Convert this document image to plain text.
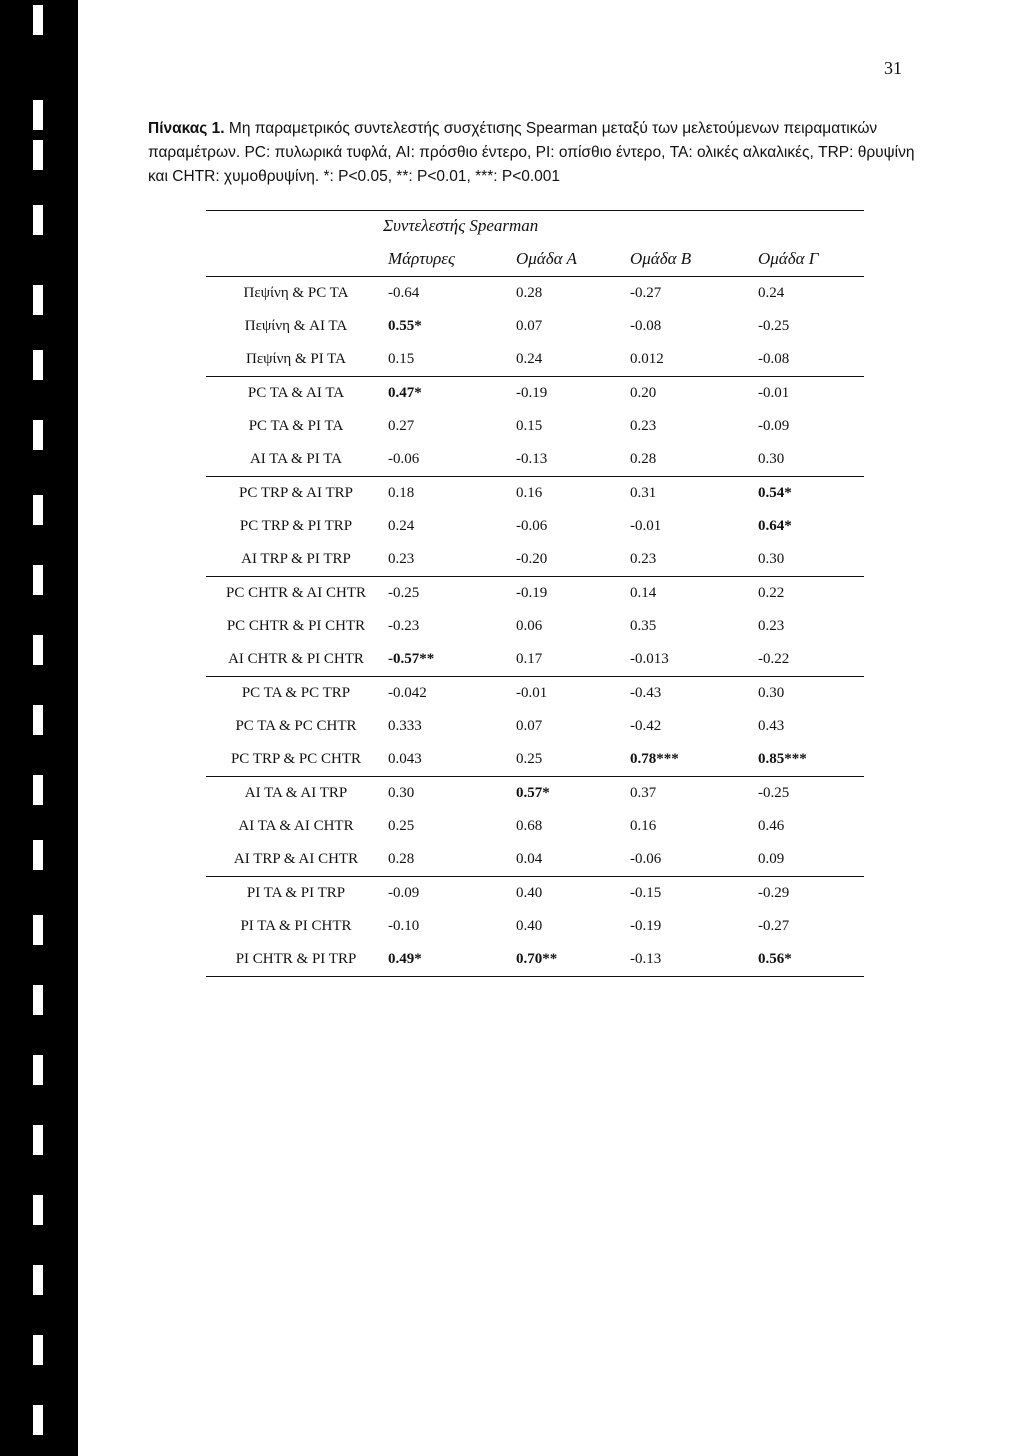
31
Πίνακας 1. Μη παραμετρικός συντελεστής συσχέτισης Spearman μεταξύ των μελετούμενων πειραματικών παραμέτρων. PC: πυλωρικά τυφλά, AI: πρόσθιο έντερο, PI: οπίσθιο έντερο, TA: ολικές αλκαλικές, TRP: θρυψίνη και CHTR: χυμοθρυψίνη. *: P<0.05, **: P<0.01, ***: P<0.001
Συντελεστής Spearman				
	Μάρτυρες	Ομάδα Α	Ομάδα Β	Ομάδα Γ
Πεψίνη & PC TA	-0.64	0.28	-0.27	0.24
Πεψίνη & AI TA	0.55*	0.07	-0.08	-0.25
Πεψίνη & PI TA	0.15	0.24	0.012	-0.08
PC TA & AI TA	0.47*	-0.19	0.20	-0.01
PC TA & PI TA	0.27	0.15	0.23	-0.09
AI TA & PI TA	-0.06	-0.13	0.28	0.30
PC TRP & AI TRP	0.18	0.16	0.31	0.54*
PC TRP & PI TRP	0.24	-0.06	-0.01	0.64*
AI TRP & PI TRP	0.23	-0.20	0.23	0.30
PC CHTR & AI CHTR	-0.25	-0.19	0.14	0.22
PC CHTR & PI CHTR	-0.23	0.06	0.35	0.23
AI CHTR & PI CHTR	-0.57**	0.17	-0.013	-0.22
PC TA & PC TRP	-0.042	-0.01	-0.43	0.30
PC TA & PC CHTR	0.333	0.07	-0.42	0.43
PC TRP & PC CHTR	0.043	0.25	0.78***	0.85***
AI TA & AI TRP	0.30	0.57*	0.37	-0.25
AI TA & AI CHTR	0.25	0.68	0.16	0.46
AI TRP & AI CHTR	0.28	0.04	-0.06	0.09
PI TA & PI TRP	-0.09	0.40	-0.15	-0.29
PI TA & PI CHTR	-0.10	0.40	-0.19	-0.27
PI CHTR & PI TRP	0.49*	0.70**	-0.13	0.56*
